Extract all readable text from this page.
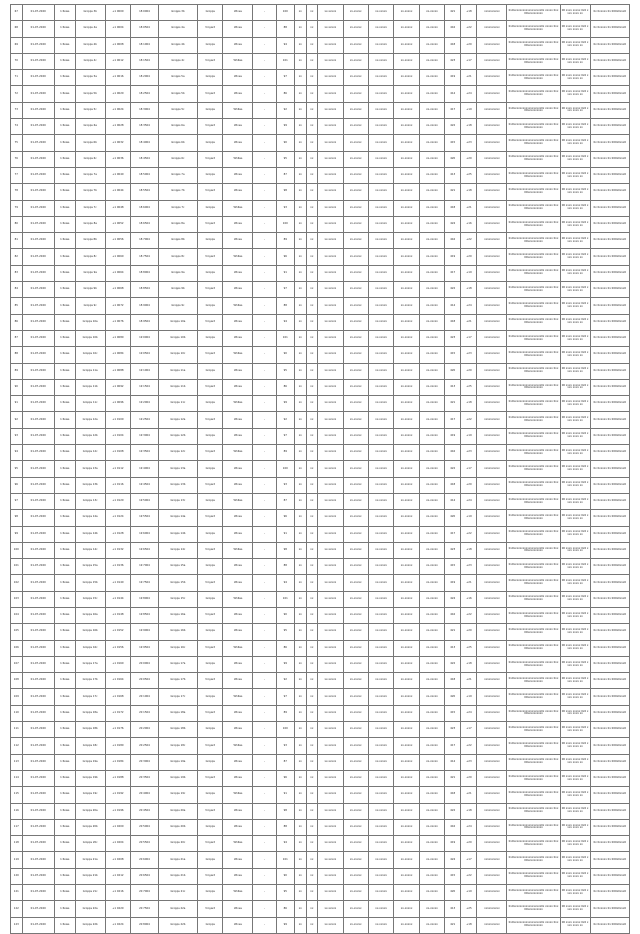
67	01-07-2020	1 Rows	Gropps 3b	+1 0000	18 0004	Gropps 3b	Gropps	Wines	-	100	xx	xx	xx-xxxxx	xx-xxxxx	xx-xxxxx	xx-xxxxx	xx-xxxxx	421	+18	xxxxxxxxxx	0x0xxxxxxxxxxxxxxxxxx0x xxxxx 0xx00xxxxxxxxxx	00 xxxx xxxxx 0x0 xxxx xxxx xx	0x 0xxxxx 0x 000x0xxx0
68	01-07-2020	1 Rows	Gropps 4a	+1 0004	18 0504	Gropps 4a	Vinyard	Wines	-	88	xx	xx	xx-xxxxx	xx-xxxxx	xx-xxxxx	xx-xxxxx	xx-xxxxx	416	+22	xxxxxxxxxx	0x0xxxxxxxxxxxxxxxxxx0x xxxxx 0xx00xxxxxxxxxx	00 xxxx xxxxx 0x0 xxxx xxxx xx	0x 0xxxxx 0x 000x0xxx0
69	01-07-2020	1 Rows	Gropps 4b	+1 0008	18 1004	Gropps 4b	Gropps	Wines	-	94	xx	xx	xx-xxxxx	xx-xxxxx	xx-xxxxx	xx-xxxxx	xx-xxxxx	418	+20	xxxxxxxxxx	0x0xxxxxxxxxxxxxxxxxx0x xxxxx 0xx00xxxxxxxxxx	00 xxxx xxxxx 0x0 xxxx xxxx xx	0x 0xxxxx 0x 000x0xxx0
70	01-07-2020	1 Rows	Gropps 4c	+1 0012	18 1504	Gropps 4c	Vinyard	Whites	-	101	xx	xx	xx-xxxxx	xx-xxxxx	xx-xxxxx	xx-xxxxx	xx-xxxxx	423	+17	xxxxxxxxxx	0x0xxxxxxxxxxxxxxxxxx0x xxxxx 0xx00xxxxxxxxxx	00 xxxx xxxxx 0x0 xxxx xxxx xx	0x 0xxxxx 0x 000x0xxx0
71	01-07-2020	1 Rows	Gropps 5a	+1 0016	18 2004	Gropps 5a	Gropps	Wines	-	97	xx	xx	xx-xxxxx	xx-xxxxx	xx-xxxxx	xx-xxxxx	xx-xxxxx	419	+21	xxxxxxxxxx	0x0xxxxxxxxxxxxxxxxxx0x xxxxx 0xx00xxxxxxxxxx	00 xxxx xxxxx 0x0 xxxx xxxx xx	0x 0xxxxx 0x 000x0xxx0
72	01-07-2020	1 Rows	Gropps 5b	+1 0020	18 2504	Gropps 5b	Vinyard	Wines	-	86	xx	xx	xx-xxxxx	xx-xxxxx	xx-xxxxx	xx-xxxxx	xx-xxxxx	414	+24	xxxxxxxxxx	0x0xxxxxxxxxxxxxxxxxx0x xxxxx 0xx00xxxxxxxxxx	00 xxxx xxxxx 0x0 xxxx xxxx xx	0x 0xxxxx 0x 000x0xxx0
73	01-07-2020	1 Rows	Gropps 5c	+1 0024	18 3004	Gropps 5c	Gropps	Whites	-	92	xx	xx	xx-xxxxx	xx-xxxxx	xx-xxxxx	xx-xxxxx	xx-xxxxx	417	+19	xxxxxxxxxx	0x0xxxxxxxxxxxxxxxxxx0x xxxxx 0xx00xxxxxxxxxx	00 xxxx xxxxx 0x0 xxxx xxxx xx	0x 0xxxxx 0x 000x0xxx0
74	01-07-2020	1 Rows	Gropps 6a	+1 0028	18 3504	Gropps 6a	Vinyard	Wines	-	99	xx	xx	xx-xxxxx	xx-xxxxx	xx-xxxxx	xx-xxxxx	xx-xxxxx	422	+18	xxxxxxxxxx	0x0xxxxxxxxxxxxxxxxxx0x xxxxx 0xx00xxxxxxxxxx	00 xxxx xxxxx 0x0 xxxx xxxx xx	0x 0xxxxx 0x 000x0xxx0
75	01-07-2020	1 Rows	Gropps 6b	+1 0032	18 4004	Gropps 6b	Gropps	Wines	-	90	xx	xx	xx-xxxxx	xx-xxxxx	xx-xxxxx	xx-xxxxx	xx-xxxxx	415	+23	xxxxxxxxxx	0x0xxxxxxxxxxxxxxxxxx0x xxxxx 0xx00xxxxxxxxxx	00 xxxx xxxxx 0x0 xxxx xxxx xx	0x 0xxxxx 0x 000x0xxx0
76	01-07-2020	1 Rows	Gropps 6c	+1 0036	18 4504	Gropps 6c	Vinyard	Whites	-	95	xx	xx	xx-xxxxx	xx-xxxxx	xx-xxxxx	xx-xxxxx	xx-xxxxx	420	+20	xxxxxxxxxx	0x0xxxxxxxxxxxxxxxxxx0x xxxxx 0xx00xxxxxxxxxx	00 xxxx xxxxx 0x0 xxxx xxxx xx	0x 0xxxxx 0x 000x0xxx0
77	01-07-2020	1 Rows	Gropps 7a	+1 0040	18 5004	Gropps 7a	Gropps	Wines	-	87	xx	xx	xx-xxxxx	xx-xxxxx	xx-xxxxx	xx-xxxxx	xx-xxxxx	413	+25	xxxxxxxxxx	0x0xxxxxxxxxxxxxxxxxx0x xxxxx 0xx00xxxxxxxxxx	00 xxxx xxxxx 0x0 xxxx xxxx xx	0x 0xxxxx 0x 000x0xxx0
78	01-07-2020	1 Rows	Gropps 7b	+1 0044	18 5504	Gropps 7b	Vinyard	Wines	-	98	xx	xx	xx-xxxxx	xx-xxxxx	xx-xxxxx	xx-xxxxx	xx-xxxxx	421	+18	xxxxxxxxxx	0x0xxxxxxxxxxxxxxxxxx0x xxxxx 0xx00xxxxxxxxxx	00 xxxx xxxxx 0x0 xxxx xxxx xx	0x 0xxxxx 0x 000x0xxx0
79	01-07-2020	1 Rows	Gropps 7c	+1 0048	18 6004	Gropps 7c	Gropps	Whites	-	93	xx	xx	xx-xxxxx	xx-xxxxx	xx-xxxxx	xx-xxxxx	xx-xxxxx	418	+21	xxxxxxxxxx	0x0xxxxxxxxxxxxxxxxxx0x xxxxx 0xx00xxxxxxxxxx	00 xxxx xxxxx 0x0 xxxx xxxx xx	0x 0xxxxx 0x 000x0xxx0
80	01-07-2020	1 Rows	Gropps 8a	+1 0052	18 6504	Gropps 8a	Vinyard	Wines	-	100	xx	xx	xx-xxxxx	xx-xxxxx	xx-xxxxx	xx-xxxxx	xx-xxxxx	424	+16	xxxxxxxxxx	0x0xxxxxxxxxxxxxxxxxx0x xxxxx 0xx00xxxxxxxxxx	00 xxxx xxxxx 0x0 xxxx xxxx xx	0x 0xxxxx 0x 000x0xxx0
81	01-07-2020	1 Rows	Gropps 8b	+1 0056	18 7004	Gropps 8b	Gropps	Wines	-	89	xx	xx	xx-xxxxx	xx-xxxxx	xx-xxxxx	xx-xxxxx	xx-xxxxx	416	+22	xxxxxxxxxx	0x0xxxxxxxxxxxxxxxxxx0x xxxxx 0xx00xxxxxxxxxx	00 xxxx xxxxx 0x0 xxxx xxxx xx	0x 0xxxxx 0x 000x0xxx0
82	01-07-2020	1 Rows	Gropps 8c	+1 0060	18 7504	Gropps 8c	Vinyard	Whites	-	96	xx	xx	xx-xxxxx	xx-xxxxx	xx-xxxxx	xx-xxxxx	xx-xxxxx	419	+20	xxxxxxxxxx	0x0xxxxxxxxxxxxxxxxxx0x xxxxx 0xx00xxxxxxxxxx	00 xxxx xxxxx 0x0 xxxx xxxx xx	0x 0xxxxx 0x 000x0xxx0
83	01-07-2020	1 Rows	Gropps 9a	+1 0064	18 8004	Gropps 9a	Gropps	Wines	-	91	xx	xx	xx-xxxxx	xx-xxxxx	xx-xxxxx	xx-xxxxx	xx-xxxxx	417	+19	xxxxxxxxxx	0x0xxxxxxxxxxxxxxxxxx0x xxxxx 0xx00xxxxxxxxxx	00 xxxx xxxxx 0x0 xxxx xxxx xx	0x 0xxxxx 0x 000x0xxx0
84	01-07-2020	1 Rows	Gropps 9b	+1 0068	18 8504	Gropps 9b	Vinyard	Wines	-	97	xx	xx	xx-xxxxx	xx-xxxxx	xx-xxxxx	xx-xxxxx	xx-xxxxx	422	+18	xxxxxxxxxx	0x0xxxxxxxxxxxxxxxxxx0x xxxxx 0xx00xxxxxxxxxx	00 xxxx xxxxx 0x0 xxxx xxxx xx	0x 0xxxxx 0x 000x0xxx0
85	01-07-2020	1 Rows	Gropps 9c	+1 0072	18 9004	Gropps 9c	Gropps	Whites	-	88	xx	xx	xx-xxxxx	xx-xxxxx	xx-xxxxx	xx-xxxxx	xx-xxxxx	414	+24	xxxxxxxxxx	0x0xxxxxxxxxxxxxxxxxx0x xxxxx 0xx00xxxxxxxxxx	00 xxxx xxxxx 0x0 xxxx xxxx xx	0x 0xxxxx 0x 000x0xxx0
86	01-07-2020	1 Rows	Gropps 10a	+1 0076	18 9504	Gropps 10a	Vinyard	Wines	-	94	xx	xx	xx-xxxxx	xx-xxxxx	xx-xxxxx	xx-xxxxx	xx-xxxxx	418	+21	xxxxxxxxxx	0x0xxxxxxxxxxxxxxxxxx0x xxxxx 0xx00xxxxxxxxxx	00 xxxx xxxxx 0x0 xxxx xxxx xx	0x 0xxxxx 0x 000x0xxx0
87	01-07-2020	1 Rows	Gropps 10b	+1 0080	19 0004	Gropps 10b	Gropps	Wines	-	101	xx	xx	xx-xxxxx	xx-xxxxx	xx-xxxxx	xx-xxxxx	xx-xxxxx	423	+17	xxxxxxxxxx	0x0xxxxxxxxxxxxxxxxxx0x xxxxx 0xx00xxxxxxxxxx	00 xxxx xxxxx 0x0 xxxx xxxx xx	0x 0xxxxx 0x 000x0xxx0
88	01-07-2020	1 Rows	Gropps 10c	+1 0084	19 0504	Gropps 10c	Vinyard	Whites	-	90	xx	xx	xx-xxxxx	xx-xxxxx	xx-xxxxx	xx-xxxxx	xx-xxxxx	415	+23	xxxxxxxxxx	0x0xxxxxxxxxxxxxxxxxx0x xxxxx 0xx00xxxxxxxxxx	00 xxxx xxxxx 0x0 xxxx xxxx xx	0x 0xxxxx 0x 000x0xxx0
89	01-07-2020	1 Rows	Gropps 11a	+1 0088	19 1004	Gropps 11a	Gropps	Wines	-	95	xx	xx	xx-xxxxx	xx-xxxxx	xx-xxxxx	xx-xxxxx	xx-xxxxx	420	+20	xxxxxxxxxx	0x0xxxxxxxxxxxxxxxxxx0x xxxxx 0xx00xxxxxxxxxx	00 xxxx xxxxx 0x0 xxxx xxxx xx	0x 0xxxxx 0x 000x0xxx0
90	01-07-2020	1 Rows	Gropps 11b	+1 0092	19 1504	Gropps 11b	Vinyard	Wines	-	86	xx	xx	xx-xxxxx	xx-xxxxx	xx-xxxxx	xx-xxxxx	xx-xxxxx	413	+25	xxxxxxxxxx	0x0xxxxxxxxxxxxxxxxxx0x xxxxx 0xx00xxxxxxxxxx	00 xxxx xxxxx 0x0 xxxx xxxx xx	0x 0xxxxx 0x 000x0xxx0
91	01-07-2020	1 Rows	Gropps 11c	+1 0096	19 2004	Gropps 11c	Gropps	Whites	-	99	xx	xx	xx-xxxxx	xx-xxxxx	xx-xxxxx	xx-xxxxx	xx-xxxxx	421	+18	xxxxxxxxxx	0x0xxxxxxxxxxxxxxxxxx0x xxxxx 0xx00xxxxxxxxxx	00 xxxx xxxxx 0x0 xxxx xxxx xx	0x 0xxxxx 0x 000x0xxx0
92	01-07-2020	1 Rows	Gropps 12a	+1 0100	19 2504	Gropps 12a	Vinyard	Wines	-	92	xx	xx	xx-xxxxx	xx-xxxxx	xx-xxxxx	xx-xxxxx	xx-xxxxx	417	+22	xxxxxxxxxx	0x0xxxxxxxxxxxxxxxxxx0x xxxxx 0xx00xxxxxxxxxx	00 xxxx xxxxx 0x0 xxxx xxxx xx	0x 0xxxxx 0x 000x0xxx0
93	01-07-2020	1 Rows	Gropps 12b	+1 0104	19 3004	Gropps 12b	Gropps	Wines	-	97	xx	xx	xx-xxxxx	xx-xxxxx	xx-xxxxx	xx-xxxxx	xx-xxxxx	419	+19	xxxxxxxxxx	0x0xxxxxxxxxxxxxxxxxx0x xxxxx 0xx00xxxxxxxxxx	00 xxxx xxxxx 0x0 xxxx xxxx xx	0x 0xxxxx 0x 000x0xxx0
94	01-07-2020	1 Rows	Gropps 12c	+1 0108	19 3504	Gropps 12c	Vinyard	Whites	-	89	xx	xx	xx-xxxxx	xx-xxxxx	xx-xxxxx	xx-xxxxx	xx-xxxxx	416	+23	xxxxxxxxxx	0x0xxxxxxxxxxxxxxxxxx0x xxxxx 0xx00xxxxxxxxxx	00 xxxx xxxxx 0x0 xxxx xxxx xx	0x 0xxxxx 0x 000x0xxx0
95	01-07-2020	1 Rows	Gropps 13a	+1 0112	19 4004	Gropps 13a	Gropps	Wines	-	100	xx	xx	xx-xxxxx	xx-xxxxx	xx-xxxxx	xx-xxxxx	xx-xxxxx	422	+17	xxxxxxxxxx	0x0xxxxxxxxxxxxxxxxxx0x xxxxx 0xx00xxxxxxxxxx	00 xxxx xxxxx 0x0 xxxx xxxx xx	0x 0xxxxx 0x 000x0xxx0
96	01-07-2020	1 Rows	Gropps 13b	+1 0116	19 4504	Gropps 13b	Vinyard	Wines	-	93	xx	xx	xx-xxxxx	xx-xxxxx	xx-xxxxx	xx-xxxxx	xx-xxxxx	418	+20	xxxxxxxxxx	0x0xxxxxxxxxxxxxxxxxx0x xxxxx 0xx00xxxxxxxxxx	00 xxxx xxxxx 0x0 xxxx xxxx xx	0x 0xxxxx 0x 000x0xxx0
97	01-07-2020	1 Rows	Gropps 13c	+1 0120	19 5004	Gropps 13c	Gropps	Whites	-	87	xx	xx	xx-xxxxx	xx-xxxxx	xx-xxxxx	xx-xxxxx	xx-xxxxx	414	+24	xxxxxxxxxx	0x0xxxxxxxxxxxxxxxxxx0x xxxxx 0xx00xxxxxxxxxx	00 xxxx xxxxx 0x0 xxxx xxxx xx	0x 0xxxxx 0x 000x0xxx0
98	01-07-2020	1 Rows	Gropps 14a	+1 0124	19 5504	Gropps 14a	Vinyard	Wines	-	96	xx	xx	xx-xxxxx	xx-xxxxx	xx-xxxxx	xx-xxxxx	xx-xxxxx	420	+19	xxxxxxxxxx	0x0xxxxxxxxxxxxxxxxxx0x xxxxx 0xx00xxxxxxxxxx	00 xxxx xxxxx 0x0 xxxx xxxx xx	0x 0xxxxx 0x 000x0xxx0
99	01-07-2020	1 Rows	Gropps 14b	+1 0128	19 6004	Gropps 14b	Gropps	Wines	-	91	xx	xx	xx-xxxxx	xx-xxxxx	xx-xxxxx	xx-xxxxx	xx-xxxxx	417	+22	xxxxxxxxxx	0x0xxxxxxxxxxxxxxxxxx0x xxxxx 0xx00xxxxxxxxxx	00 xxxx xxxxx 0x0 xxxx xxxx xx	0x 0xxxxx 0x 000x0xxx0
100	01-07-2020	1 Rows	Gropps 14c	+1 0132	19 6504	Gropps 14c	Vinyard	Whites	-	98	xx	xx	xx-xxxxx	xx-xxxxx	xx-xxxxx	xx-xxxxx	xx-xxxxx	423	+18	xxxxxxxxxx	0x0xxxxxxxxxxxxxxxxxx0x xxxxx 0xx00xxxxxxxxxx	00 xxxx xxxxx 0x0 xxxx xxxx xx	0x 0xxxxx 0x 000x0xxx0
101	01-07-2020	1 Rows	Gropps 15a	+1 0136	19 7004	Gropps 15a	Gropps	Wines	-	88	xx	xx	xx-xxxxx	xx-xxxxx	xx-xxxxx	xx-xxxxx	xx-xxxxx	415	+23	xxxxxxxxxx	0x0xxxxxxxxxxxxxxxxxx0x xxxxx 0xx00xxxxxxxxxx	00 xxxx xxxxx 0x0 xxxx xxxx xx	0x 0xxxxx 0x 000x0xxx0
102	01-07-2020	1 Rows	Gropps 15b	+1 0140	19 7504	Gropps 15b	Vinyard	Wines	-	94	xx	xx	xx-xxxxx	xx-xxxxx	xx-xxxxx	xx-xxxxx	xx-xxxxx	419	+21	xxxxxxxxxx	0x0xxxxxxxxxxxxxxxxxx0x xxxxx 0xx00xxxxxxxxxx	00 xxxx xxxxx 0x0 xxxx xxxx xx	0x 0xxxxx 0x 000x0xxx0
103	01-07-2020	1 Rows	Gropps 15c	+1 0144	19 8004	Gropps 15c	Gropps	Whites	-	101	xx	xx	xx-xxxxx	xx-xxxxx	xx-xxxxx	xx-xxxxx	xx-xxxxx	424	+16	xxxxxxxxxx	0x0xxxxxxxxxxxxxxxxxx0x xxxxx 0xx00xxxxxxxxxx	00 xxxx xxxxx 0x0 xxxx xxxx xx	0x 0xxxxx 0x 000x0xxx0
104	01-07-2020	1 Rows	Gropps 16a	+1 0148	19 8504	Gropps 16a	Vinyard	Wines	-	90	xx	xx	xx-xxxxx	xx-xxxxx	xx-xxxxx	xx-xxxxx	xx-xxxxx	416	+22	xxxxxxxxxx	0x0xxxxxxxxxxxxxxxxxx0x xxxxx 0xx00xxxxxxxxxx	00 xxxx xxxxx 0x0 xxxx xxxx xx	0x 0xxxxx 0x 000x0xxx0
105	01-07-2020	1 Rows	Gropps 16b	+1 0152	19 9004	Gropps 16b	Gropps	Wines	-	95	xx	xx	xx-xxxxx	xx-xxxxx	xx-xxxxx	xx-xxxxx	xx-xxxxx	421	+20	xxxxxxxxxx	0x0xxxxxxxxxxxxxxxxxx0x xxxxx 0xx00xxxxxxxxxx	00 xxxx xxxxx 0x0 xxxx xxxx xx	0x 0xxxxx 0x 000x0xxx0
106	01-07-2020	1 Rows	Gropps 16c	+1 0156	19 9504	Gropps 16c	Vinyard	Whites	-	86	xx	xx	xx-xxxxx	xx-xxxxx	xx-xxxxx	xx-xxxxx	xx-xxxxx	413	+25	xxxxxxxxxx	0x0xxxxxxxxxxxxxxxxxx0x xxxxx 0xx00xxxxxxxxxx	00 xxxx xxxxx 0x0 xxxx xxxx xx	0x 0xxxxx 0x 000x0xxx0
107	01-07-2020	1 Rows	Gropps 17a	+1 0160	20 0004	Gropps 17a	Gropps	Wines	-	99	xx	xx	xx-xxxxx	xx-xxxxx	xx-xxxxx	xx-xxxxx	xx-xxxxx	422	+18	xxxxxxxxxx	0x0xxxxxxxxxxxxxxxxxx0x xxxxx 0xx00xxxxxxxxxx	00 xxxx xxxxx 0x0 xxxx xxxx xx	0x 0xxxxx 0x 000x0xxx0
108	01-07-2020	1 Rows	Gropps 17b	+1 0164	20 0504	Gropps 17b	Vinyard	Wines	-	92	xx	xx	xx-xxxxx	xx-xxxxx	xx-xxxxx	xx-xxxxx	xx-xxxxx	418	+21	xxxxxxxxxx	0x0xxxxxxxxxxxxxxxxxx0x xxxxx 0xx00xxxxxxxxxx	00 xxxx xxxxx 0x0 xxxx xxxx xx	0x 0xxxxx 0x 000x0xxx0
109	01-07-2020	1 Rows	Gropps 17c	+1 0168	20 1004	Gropps 17c	Gropps	Whites	-	97	xx	xx	xx-xxxxx	xx-xxxxx	xx-xxxxx	xx-xxxxx	xx-xxxxx	420	+19	xxxxxxxxxx	0x0xxxxxxxxxxxxxxxxxx0x xxxxx 0xx00xxxxxxxxxx	00 xxxx xxxxx 0x0 xxxx xxxx xx	0x 0xxxxx 0x 000x0xxx0
110	01-07-2020	1 Rows	Gropps 18a	+1 0172	20 1504	Gropps 18a	Vinyard	Wines	-	89	xx	xx	xx-xxxxx	xx-xxxxx	xx-xxxxx	xx-xxxxx	xx-xxxxx	415	+24	xxxxxxxxxx	0x0xxxxxxxxxxxxxxxxxx0x xxxxx 0xx00xxxxxxxxxx	00 xxxx xxxxx 0x0 xxxx xxxx xx	0x 0xxxxx 0x 000x0xxx0
111	01-07-2020	1 Rows	Gropps 18b	+1 0176	20 2004	Gropps 18b	Gropps	Wines	-	100	xx	xx	xx-xxxxx	xx-xxxxx	xx-xxxxx	xx-xxxxx	xx-xxxxx	423	+17	xxxxxxxxxx	0x0xxxxxxxxxxxxxxxxxx0x xxxxx 0xx00xxxxxxxxxx	00 xxxx xxxxx 0x0 xxxx xxxx xx	0x 0xxxxx 0x 000x0xxx0
112	01-07-2020	1 Rows	Gropps 18c	+1 0180	20 2504	Gropps 18c	Vinyard	Whites	-	93	xx	xx	xx-xxxxx	xx-xxxxx	xx-xxxxx	xx-xxxxx	xx-xxxxx	417	+22	xxxxxxxxxx	0x0xxxxxxxxxxxxxxxxxx0x xxxxx 0xx00xxxxxxxxxx	00 xxxx xxxxx 0x0 xxxx xxxx xx	0x 0xxxxx 0x 000x0xxx0
113	01-07-2020	1 Rows	Gropps 19a	+1 0184	20 3004	Gropps 19a	Gropps	Wines	-	87	xx	xx	xx-xxxxx	xx-xxxxx	xx-xxxxx	xx-xxxxx	xx-xxxxx	414	+23	xxxxxxxxxx	0x0xxxxxxxxxxxxxxxxxx0x xxxxx 0xx00xxxxxxxxxx	00 xxxx xxxxx 0x0 xxxx xxxx xx	0x 0xxxxx 0x 000x0xxx0
114	01-07-2020	1 Rows	Gropps 19b	+1 0188	20 3504	Gropps 19b	Vinyard	Wines	-	96	xx	xx	xx-xxxxx	xx-xxxxx	xx-xxxxx	xx-xxxxx	xx-xxxxx	421	+20	xxxxxxxxxx	0x0xxxxxxxxxxxxxxxxxx0x xxxxx 0xx00xxxxxxxxxx	00 xxxx xxxxx 0x0 xxxx xxxx xx	0x 0xxxxx 0x 000x0xxx0
115	01-07-2020	1 Rows	Gropps 19c	+1 0192	20 4004	Gropps 19c	Gropps	Whites	-	91	xx	xx	xx-xxxxx	xx-xxxxx	xx-xxxxx	xx-xxxxx	xx-xxxxx	418	+21	xxxxxxxxxx	0x0xxxxxxxxxxxxxxxxxx0x xxxxx 0xx00xxxxxxxxxx	00 xxxx xxxxx 0x0 xxxx xxxx xx	0x 0xxxxx 0x 000x0xxx0
116	01-07-2020	1 Rows	Gropps 20a	+1 0196	20 4504	Gropps 20a	Vinyard	Wines	-	98	xx	xx	xx-xxxxx	xx-xxxxx	xx-xxxxx	xx-xxxxx	xx-xxxxx	422	+18	xxxxxxxxxx	0x0xxxxxxxxxxxxxxxxxx0x xxxxx 0xx00xxxxxxxxxx	00 xxxx xxxxx 0x0 xxxx xxxx xx	0x 0xxxxx 0x 000x0xxx0
117	01-07-2020	1 Rows	Gropps 20b	+1 0200	20 5004	Gropps 20b	Gropps	Wines	-	88	xx	xx	xx-xxxxx	xx-xxxxx	xx-xxxxx	xx-xxxxx	xx-xxxxx	416	+24	xxxxxxxxxx	0x0xxxxxxxxxxxxxxxxxx0x xxxxx 0xx00xxxxxxxxxx	00 xxxx xxxxx 0x0 xxxx xxxx xx	0x 0xxxxx 0x 000x0xxx0
118	01-07-2020	1 Rows	Gropps 20c	+1 0204	20 5504	Gropps 20c	Vinyard	Whites	-	94	xx	xx	xx-xxxxx	xx-xxxxx	xx-xxxxx	xx-xxxxx	xx-xxxxx	419	+20	xxxxxxxxxx	0x0xxxxxxxxxxxxxxxxxx0x xxxxx 0xx00xxxxxxxxxx	00 xxxx xxxxx 0x0 xxxx xxxx xx	0x 0xxxxx 0x 000x0xxx0
119	01-07-2020	1 Rows	Gropps 21a	+1 0208	20 6004	Gropps 21a	Gropps	Wines	-	101	xx	xx	xx-xxxxx	xx-xxxxx	xx-xxxxx	xx-xxxxx	xx-xxxxx	424	+17	xxxxxxxxxx	0x0xxxxxxxxxxxxxxxxxx0x xxxxx 0xx00xxxxxxxxxx	00 xxxx xxxxx 0x0 xxxx xxxx xx	0x 0xxxxx 0x 000x0xxx0
120	01-07-2020	1 Rows	Gropps 21b	+1 0212	20 6504	Gropps 21b	Vinyard	Wines	-	90	xx	xx	xx-xxxxx	xx-xxxxx	xx-xxxxx	xx-xxxxx	xx-xxxxx	415	+22	xxxxxxxxxx	0x0xxxxxxxxxxxxxxxxxx0x xxxxx 0xx00xxxxxxxxxx	00 xxxx xxxxx 0x0 xxxx xxxx xx	0x 0xxxxx 0x 000x0xxx0
121	01-07-2020	1 Rows	Gropps 21c	+1 0216	20 7004	Gropps 21c	Gropps	Whites	-	95	xx	xx	xx-xxxxx	xx-xxxxx	xx-xxxxx	xx-xxxxx	xx-xxxxx	420	+19	xxxxxxxxxx	0x0xxxxxxxxxxxxxxxxxx0x xxxxx 0xx00xxxxxxxxxx	00 xxxx xxxxx 0x0 xxxx xxxx xx	0x 0xxxxx 0x 000x0xxx0
122	01-07-2020	1 Rows	Gropps 22a	+1 0220	20 7504	Gropps 22a	Vinyard	Wines	-	86	xx	xx	xx-xxxxx	xx-xxxxx	xx-xxxxx	xx-xxxxx	xx-xxxxx	413	+25	xxxxxxxxxx	0x0xxxxxxxxxxxxxxxxxx0x xxxxx 0xx00xxxxxxxxxx	00 xxxx xxxxx 0x0 xxxx xxxx xx	0x 0xxxxx 0x 000x0xxx0
123	01-07-2020	1 Rows	Gropps 22b	+1 0224	20 8004	Gropps 22b	Gropps	Wines	-	99	xx	xx	xx-xxxxx	xx-xxxxx	xx-xxxxx	xx-xxxxx	xx-xxxxx	421	+18	xxxxxxxxxx	0x0xxxxxxxxxxxxxxxxxx0x xxxxx 0xx00xxxxxxxxxx	00 xxxx xxxxx 0x0 xxxx xxxx xx	0x 0xxxxx 0x 000x0xxx0
